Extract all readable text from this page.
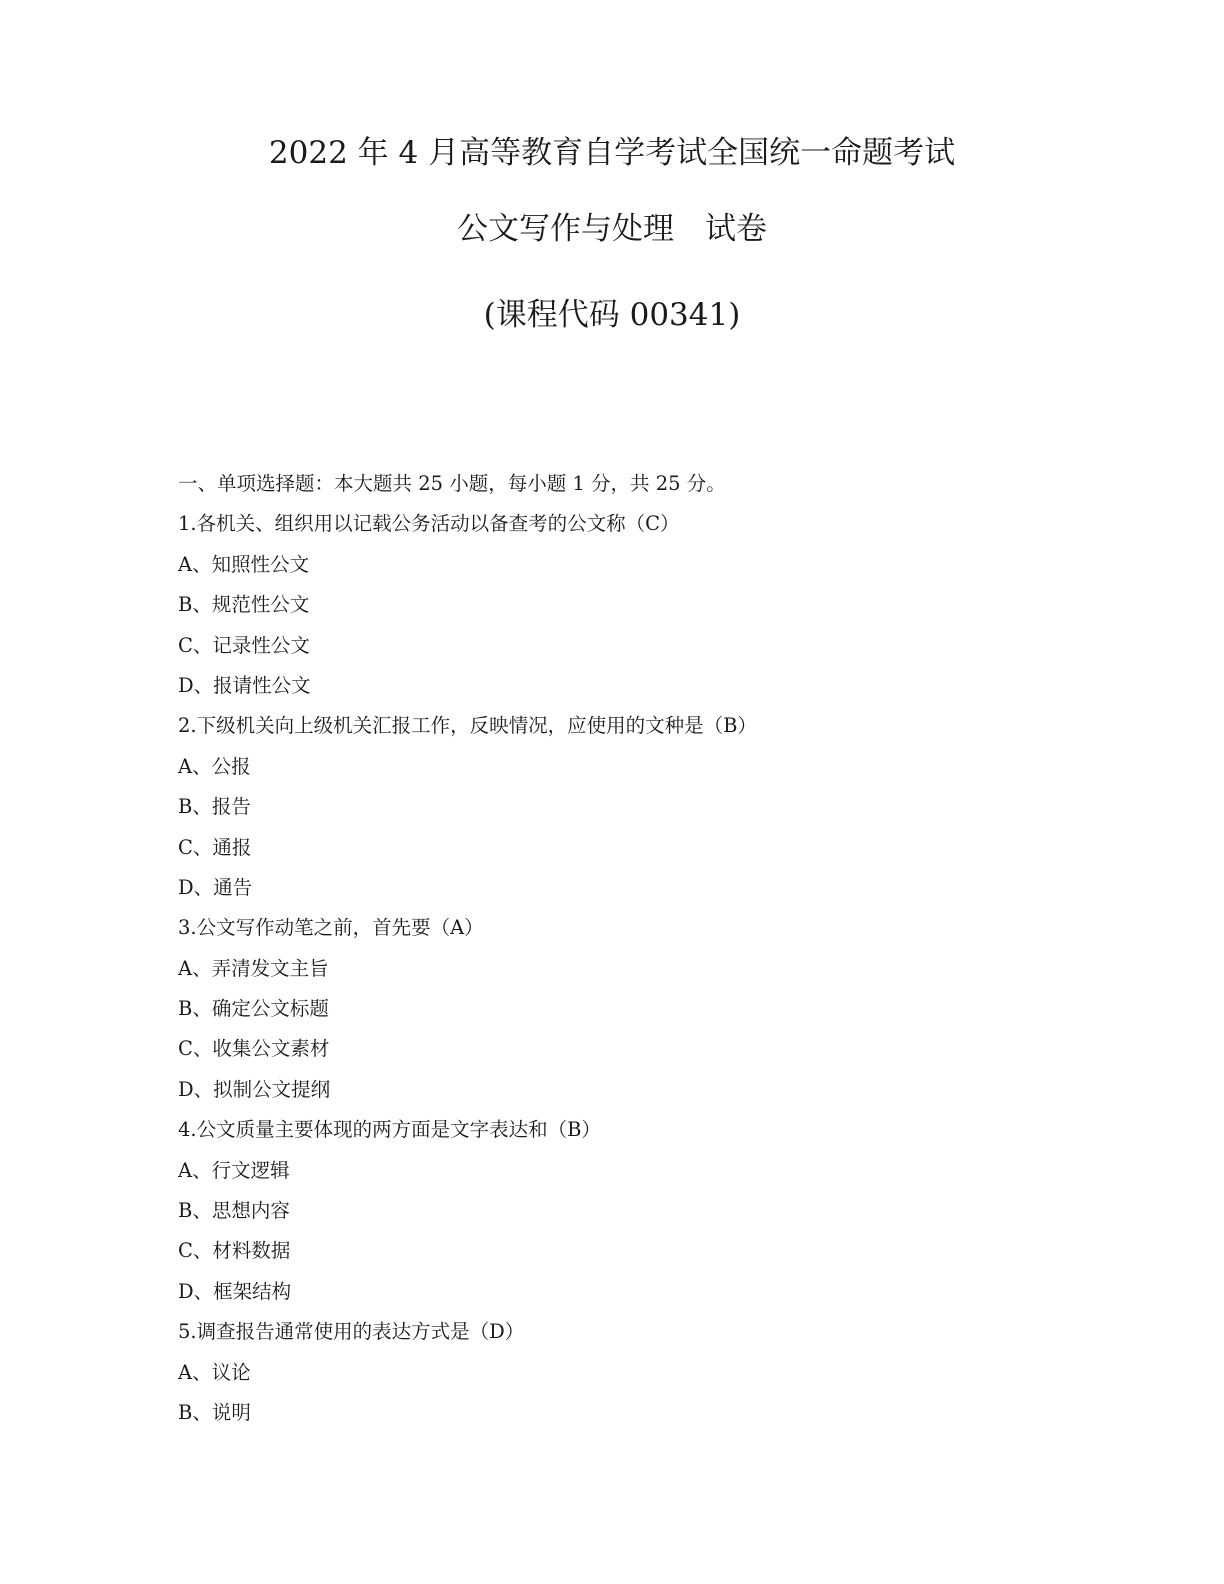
2022 年 4 月高等教育自学考试全国统一命题考试
公文写作与处理　试卷
(课程代码 00341)
一、单项选择题：本大题共 25 小题，每小题 1 分，共 25 分。
1.各机关、组织用以记载公务活动以备查考的公文称（C）
A、知照性公文
B、规范性公文
C、记录性公文
D、报请性公文
2.下级机关向上级机关汇报工作，反映情况，应使用的文种是（B）
A、公报
B、报告
C、通报
D、通告
3.公文写作动笔之前，首先要（A）
A、弄清发文主旨
B、确定公文标题
C、收集公文素材
D、拟制公文提纲
4.公文质量主要体现的两方面是文字表达和（B）
A、行文逻辑
B、思想内容
C、材料数据
D、框架结构
5.调查报告通常使用的表达方式是（D）
A、议论
B、说明
